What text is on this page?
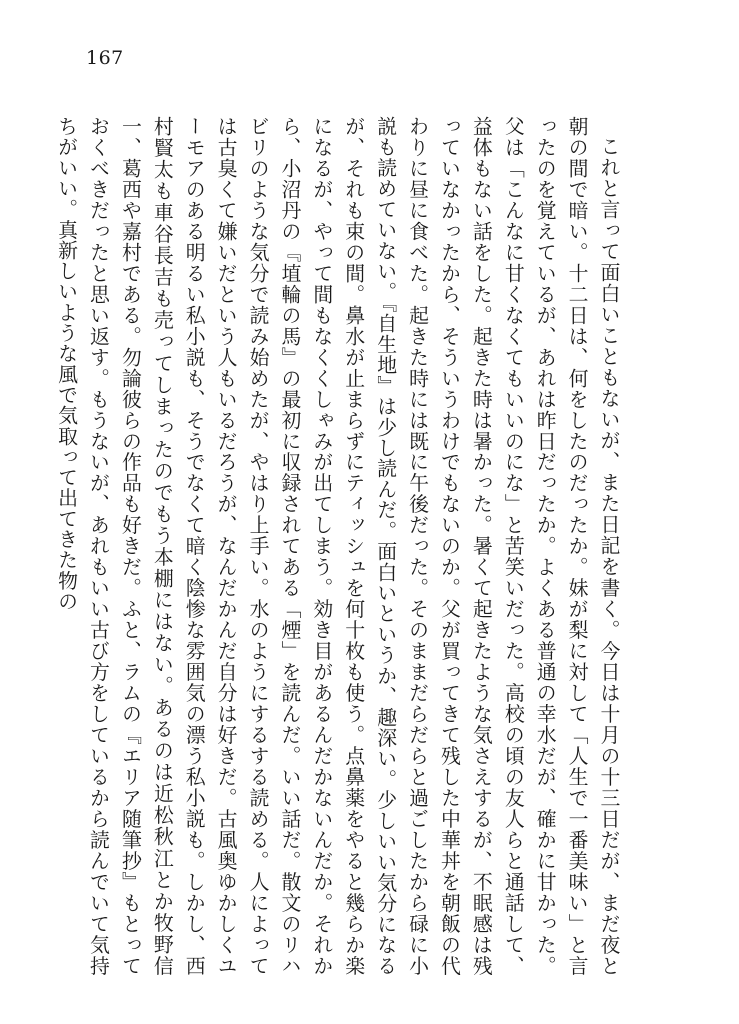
167

これと言って面白いこともないが、また日記を書く。今日は十月の十三日だが、まだ夜と朝の間で暗い。十二日は、何をしたのだったか。妹が梨に対して「人生で一番美味い」と言ったのを覚えているが、あれは昨日だったか。よくある普通の幸水だが、確かに甘かった。父は「こんなに甘くなくてもいいのにな」と苦笑いだった。高校の頃の友人らと通話して、益体もない話をした。起きた時は暑かった。暑くて起きたような気さえするが、不眠感は残っていなかったから、そういうわけでもないのか。父が買ってきて残した中華丼を朝飯の代わりに昼に食べた。起きた時には既に午後だった。そのままだらだらと過ごしたから碌に小説も読めていない。『自生地』は少し読んだ。面白いというか、趣深い。少しいい気分になるが、それも束の間。鼻水が止まらずにティッシュを何十枚も使う。点鼻薬をやると幾らか楽になるが、やって間もなくくしゃみが出てしまう。効き目があるんだかないんだか。それから、小沼丹の『埴輪の馬』の最初に収録されてある「煙」を読んだ。いい話だ。散文のリハビリのような気分で読み始めたが、やはり上手い。水のようにするする読める。人によっては古臭くて嫌いだという人もいるだろうが、なんだかんだ自分は好きだ。古風奥ゆかしくユーモアのある明るい私小説も、そうでなくて暗く陰惨な雰囲気の漂う私小説も。しかし、西村賢太も車谷長吉も売ってしまったのでもう本棚にはない。あるのは近松秋江とか牧野信一、葛西や嘉村である。勿論彼らの作品も好きだ。ふと、ラムの『エリア随筆抄』もとっておくべきだったと思い返す。もうないが、あれもいい古び方をしているから読んでいて気持ちがいい。真新しいような風で気取って出てきた物の
